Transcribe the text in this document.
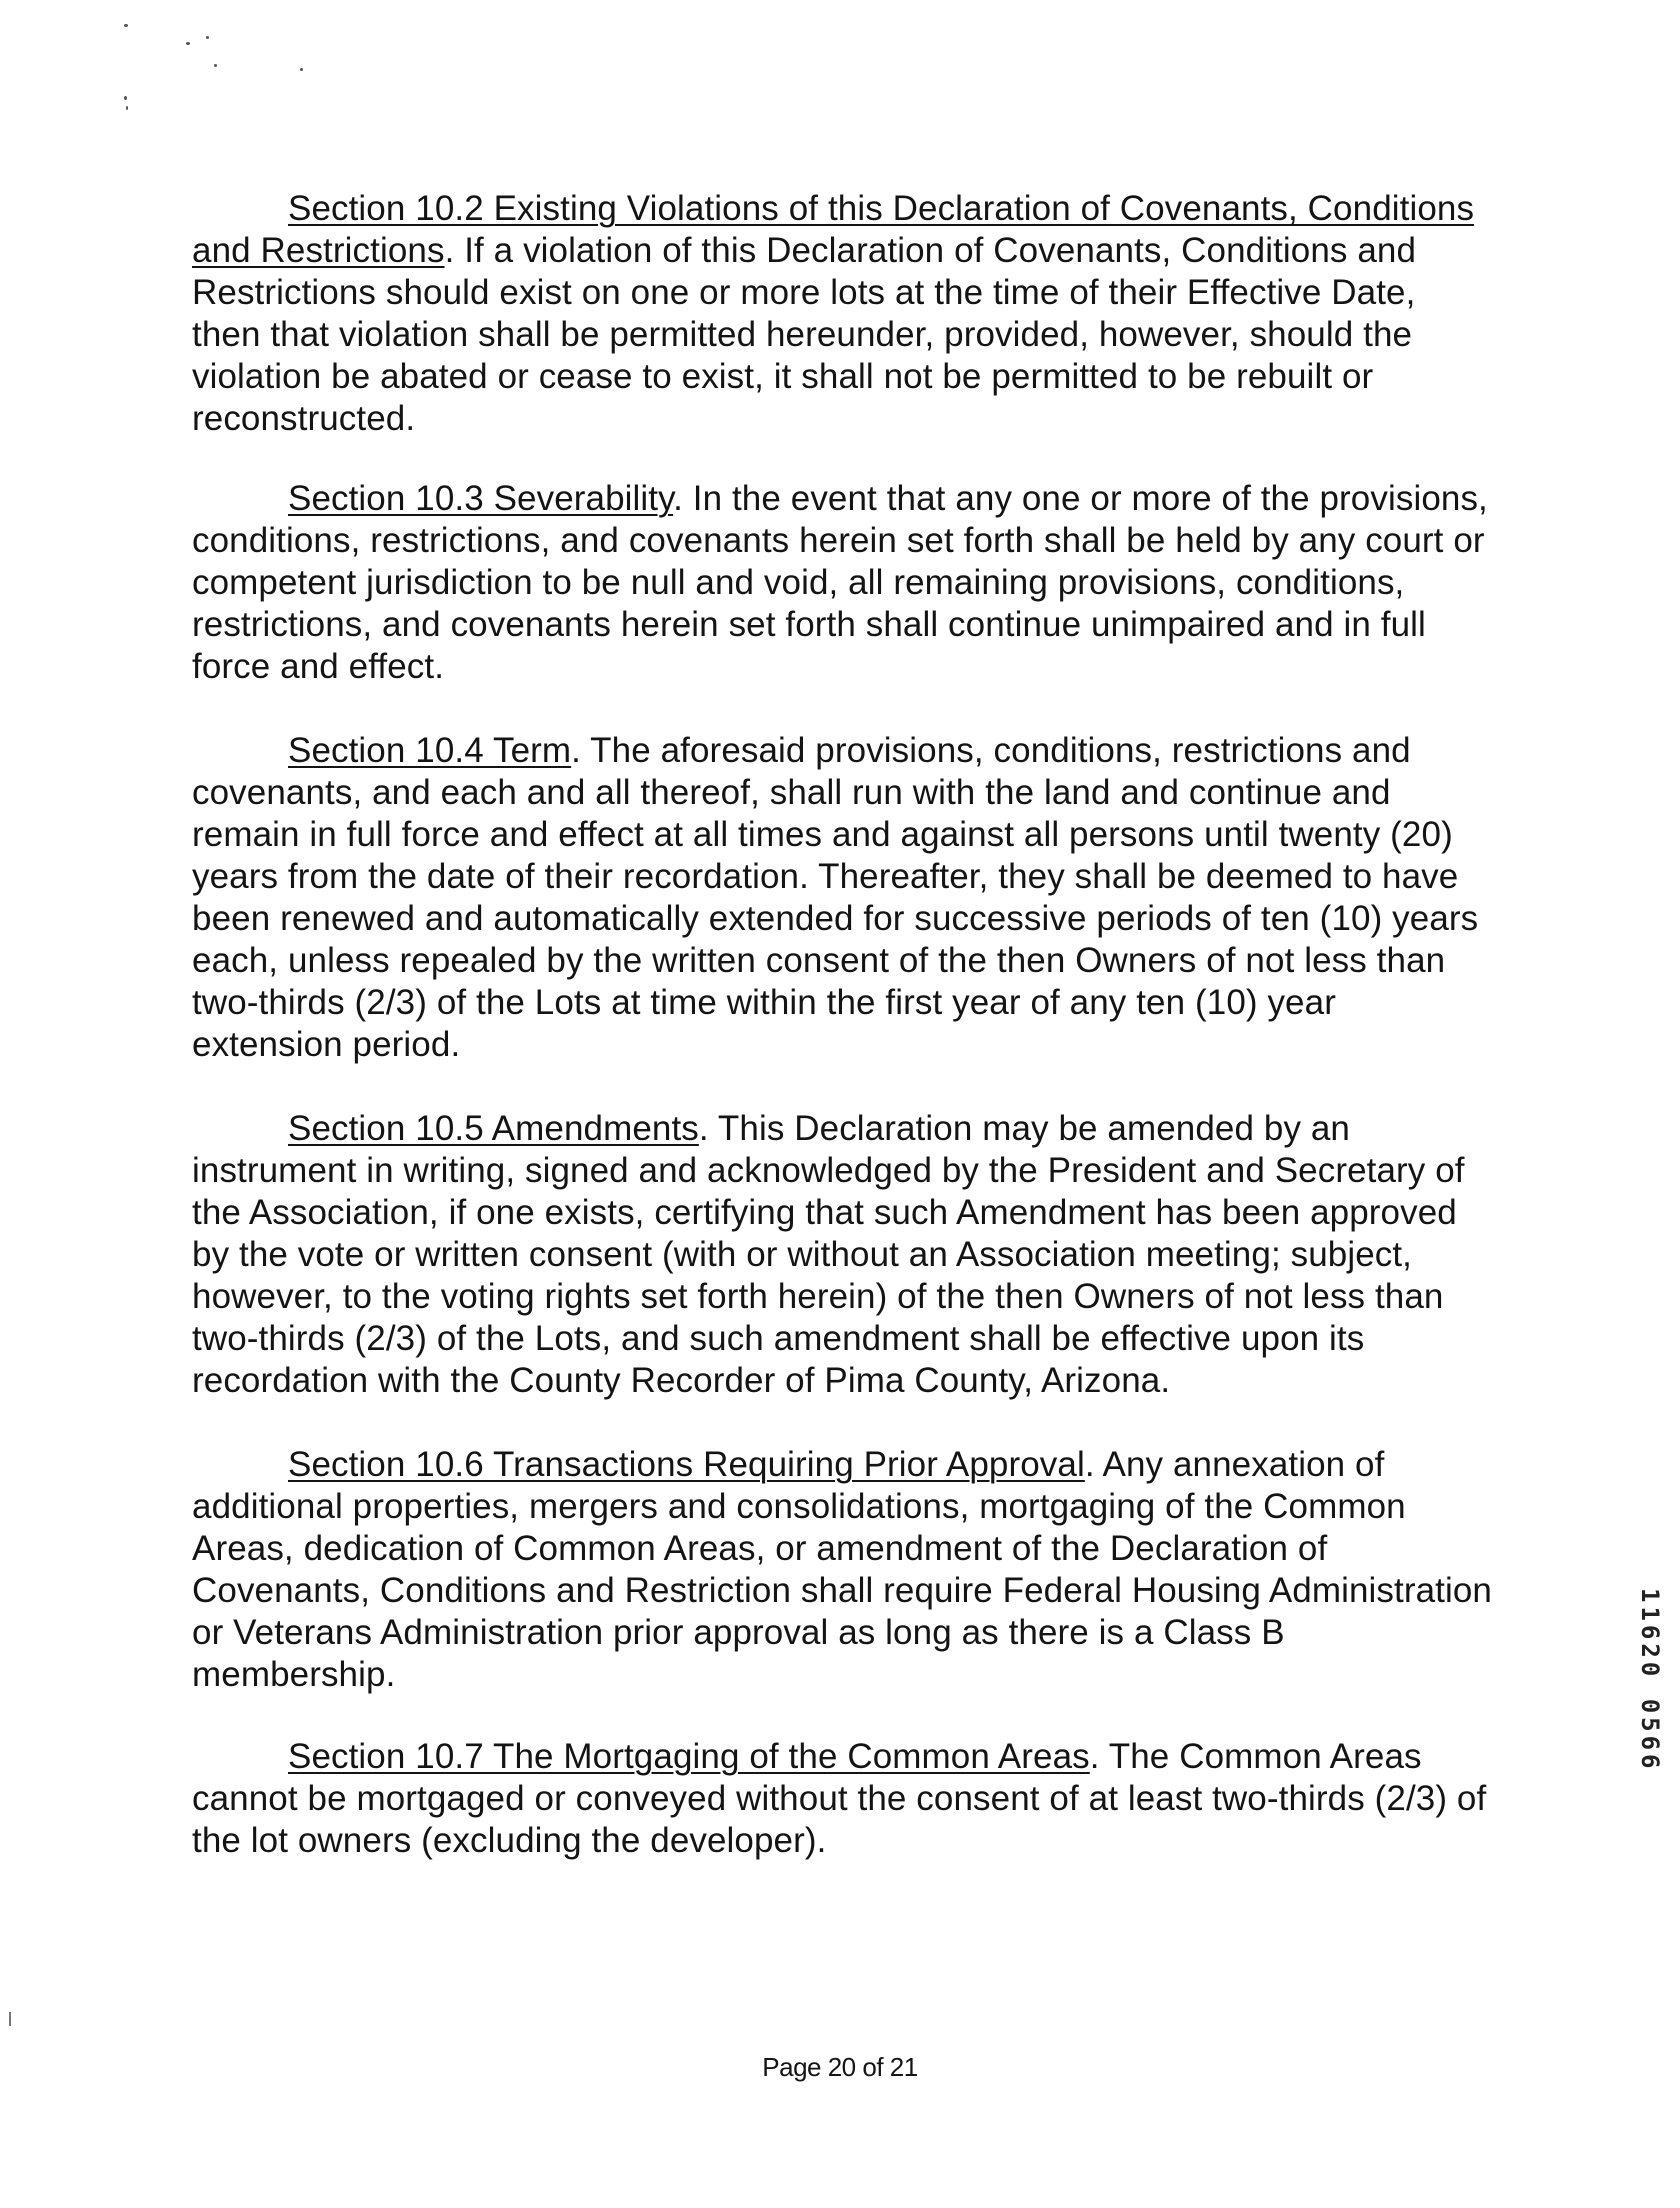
Section 10.2 Existing Violations of this Declaration of Covenants, Conditions and Restrictions. If a violation of this Declaration of Covenants, Conditions and Restrictions should exist on one or more lots at the time of their Effective Date, then that violation shall be permitted hereunder, provided, however, should the violation be abated or cease to exist, it shall not be permitted to be rebuilt or reconstructed.

Section 10.3 Severability. In the event that any one or more of the provisions, conditions, restrictions, and covenants herein set forth shall be held by any court or competent jurisdiction to be null and void, all remaining provisions, conditions, restrictions, and covenants herein set forth shall continue unimpaired and in full force and effect.

Section 10.4 Term. The aforesaid provisions, conditions, restrictions and covenants, and each and all thereof, shall run with the land and continue and remain in full force and effect at all times and against all persons until twenty (20) years from the date of their recordation. Thereafter, they shall be deemed to have been renewed and automatically extended for successive periods of ten (10) years each, unless repealed by the written consent of the then Owners of not less than two-thirds (2/3) of the Lots at time within the first year of any ten (10) year extension period.

Section 10.5 Amendments. This Declaration may be amended by an instrument in writing, signed and acknowledged by the President and Secretary of the Association, if one exists, certifying that such Amendment has been approved by the vote or written consent (with or without an Association meeting; subject, however, to the voting rights set forth herein) of the then Owners of not less than two-thirds (2/3) of the Lots, and such amendment shall be effective upon its recordation with the County Recorder of Pima County, Arizona.

Section 10.6 Transactions Requiring Prior Approval. Any annexation of additional properties, mergers and consolidations, mortgaging of the Common Areas, dedication of Common Areas, or amendment of the Declaration of Covenants, Conditions and Restriction shall require Federal Housing Administration or Veterans Administration prior approval as long as there is a Class B membership.

Section 10.7 The Mortgaging of the Common Areas. The Common Areas cannot be mortgaged or conveyed without the consent of at least two-thirds (2/3) of the lot owners (excluding the developer).

11620 0566
Page 20 of 21
